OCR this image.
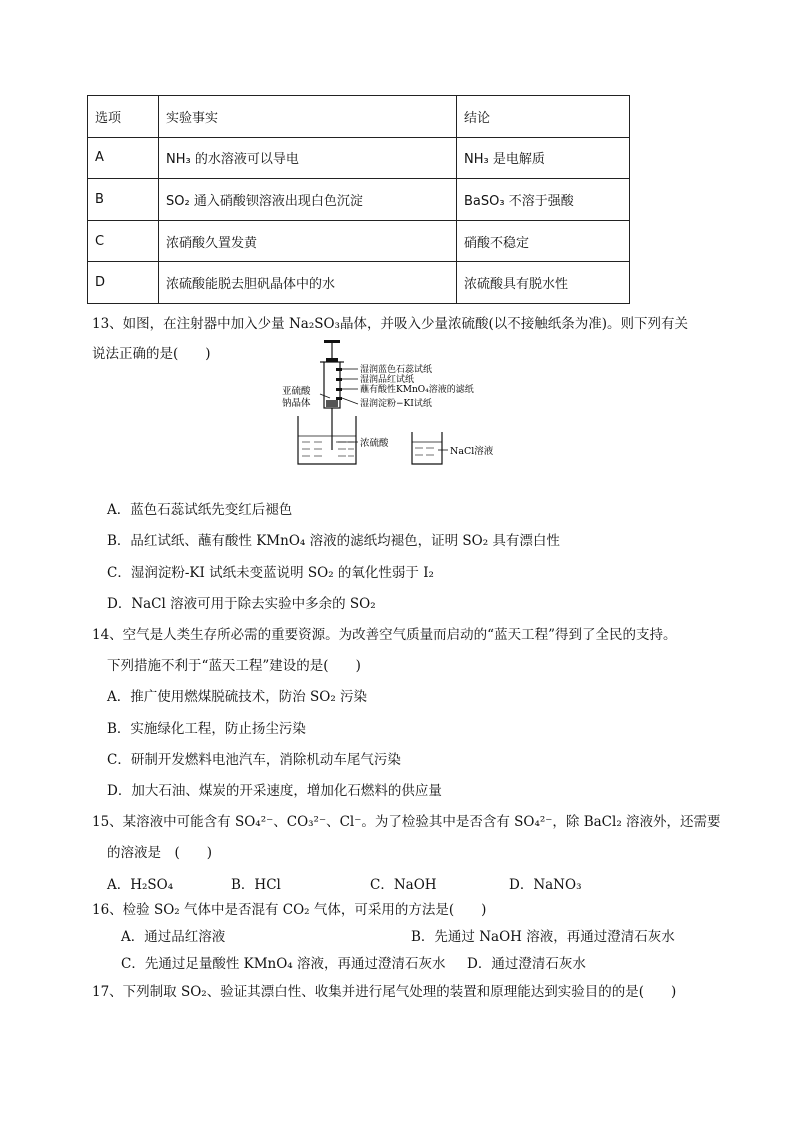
选项	实验事实	结论
A	NH₃ 的水溶液可以导电	NH₃ 是电解质
B	SO₂ 通入硝酸钡溶液出现白色沉淀	BaSO₃ 不溶于强酸
C	浓硝酸久置发黄	硝酸不稳定
D	浓硫酸能脱去胆矾晶体中的水	浓硫酸具有脱水性
13、如图，在注射器中加入少量 Na₂SO₃晶体，并吸入少量浓硫酸(以不接触纸条为准)。则下列有关
说法正确的是(　　)
亚硫酸
钠晶体
湿润蓝色石蕊试纸
湿润品红试纸
蘸有酸性KMnO₄溶液的滤纸
湿润淀粉−KI试纸
浓硫酸
NaCl溶液
A．蓝色石蕊试纸先变红后褪色
B．品红试纸、蘸有酸性 KMnO₄ 溶液的滤纸均褪色，证明 SO₂ 具有漂白性
C．湿润淀粉-KI 试纸未变蓝说明 SO₂ 的氧化性弱于 I₂
D．NaCl 溶液可用于除去实验中多余的 SO₂
14、空气是人类生存所必需的重要资源。为改善空气质量而启动的“蓝天工程”得到了全民的支持。
下列措施不利于“蓝天工程”建设的是(　　)
A．推广使用燃煤脱硫技术，防治 SO₂ 污染
B．实施绿化工程，防止扬尘污染
C．研制开发燃料电池汽车，消除机动车尾气污染
D．加大石油、煤炭的开采速度，增加化石燃料的供应量
15、某溶液中可能含有 SO₄²⁻、CO₃²⁻、Cl⁻。为了检验其中是否含有 SO₄²⁻，除 BaCl₂ 溶液外，还需要
的溶液是　(　　)
A．H₂SO₄	B．HCl	C．NaOH	D．NaNO₃
16、检验 SO₂ 气体中是否混有 CO₂ 气体，可采用的方法是(　　)
A．通过品红溶液	B．先通过 NaOH 溶液，再通过澄清石灰水
C．先通过足量酸性 KMnO₄ 溶液，再通过澄清石灰水 D．通过澄清石灰水
17、下列制取 SO₂、验证其漂白性、收集并进行尾气处理的装置和原理能达到实验目的的是(　　)
